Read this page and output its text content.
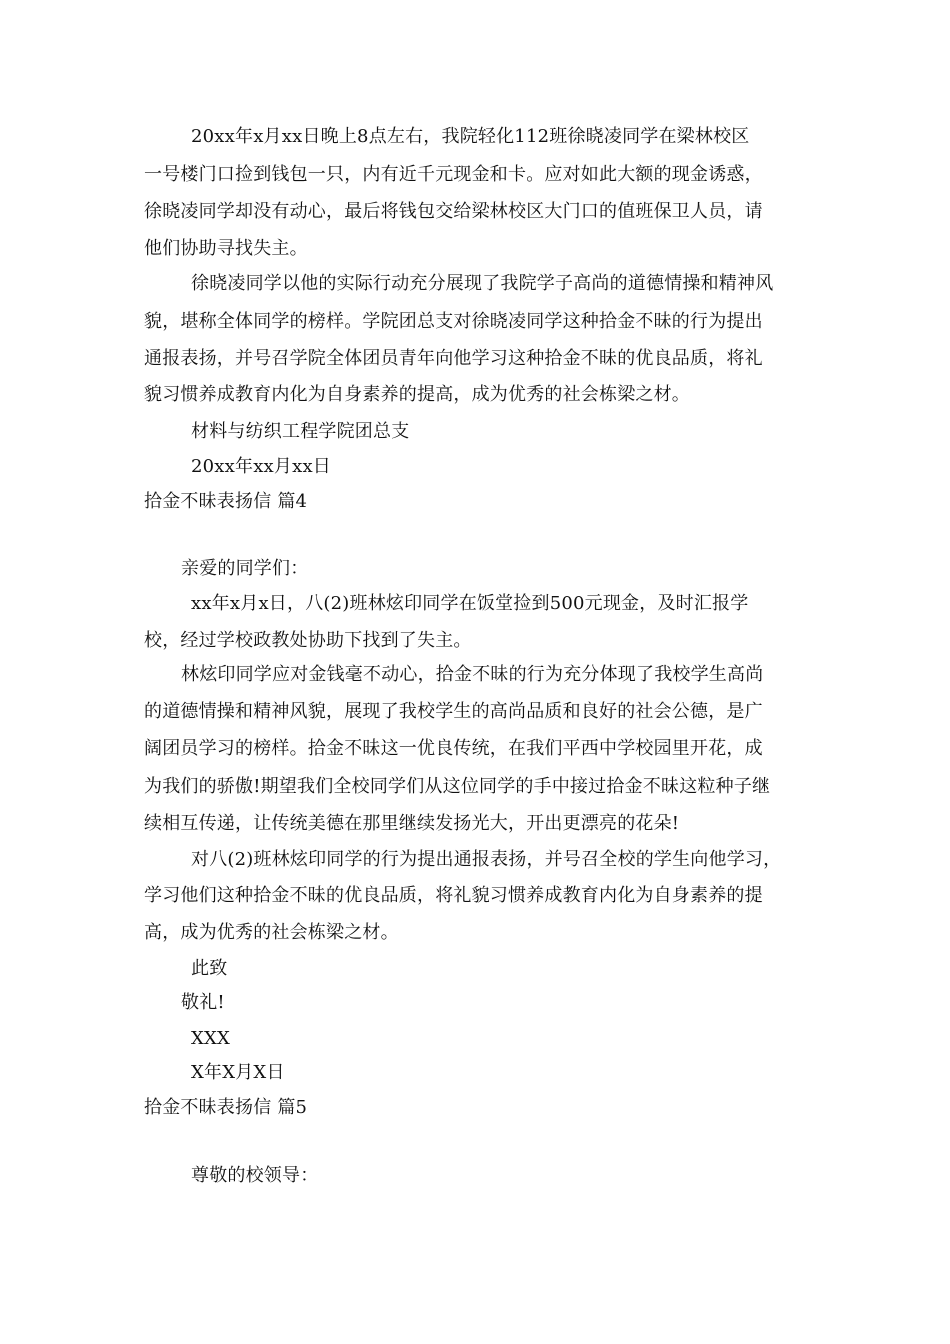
20xx年x月xx日晚上8点左右，我院轻化112班徐晓凌同学在梁林校区
一号楼门口捡到钱包一只，内有近千元现金和卡。应对如此大额的现金诱惑，
徐晓凌同学却没有动心，最后将钱包交给梁林校区大门口的值班保卫人员，请
他们协助寻找失主。
徐晓凌同学以他的实际行动充分展现了我院学子高尚的道德情操和精神风
貌，堪称全体同学的榜样。学院团总支对徐晓凌同学这种拾金不昧的行为提出
通报表扬，并号召学院全体团员青年向他学习这种拾金不昧的优良品质，将礼
貌习惯养成教育内化为自身素养的提高，成为优秀的社会栋梁之材。
材料与纺织工程学院团总支
20xx年xx月xx日
拾金不昧表扬信 篇4
亲爱的同学们：
xx年x月x日，八(2)班林炫印同学在饭堂捡到500元现金，及时汇报学
校，经过学校政教处协助下找到了失主。
林炫印同学应对金钱毫不动心，拾金不昧的行为充分体现了我校学生高尚
的道德情操和精神风貌，展现了我校学生的高尚品质和良好的社会公德，是广
阔团员学习的榜样。拾金不昧这一优良传统，在我们平西中学校园里开花，成
为我们的骄傲!期望我们全校同学们从这位同学的手中接过拾金不昧这粒种子继
续相互传递，让传统美德在那里继续发扬光大，开出更漂亮的花朵!
对八(2)班林炫印同学的行为提出通报表扬，并号召全校的学生向他学习，
学习他们这种拾金不昧的优良品质，将礼貌习惯养成教育内化为自身素养的提
高，成为优秀的社会栋梁之材。
此致
敬礼!
XXX
X年X月X日
拾金不昧表扬信 篇5
尊敬的校领导：
